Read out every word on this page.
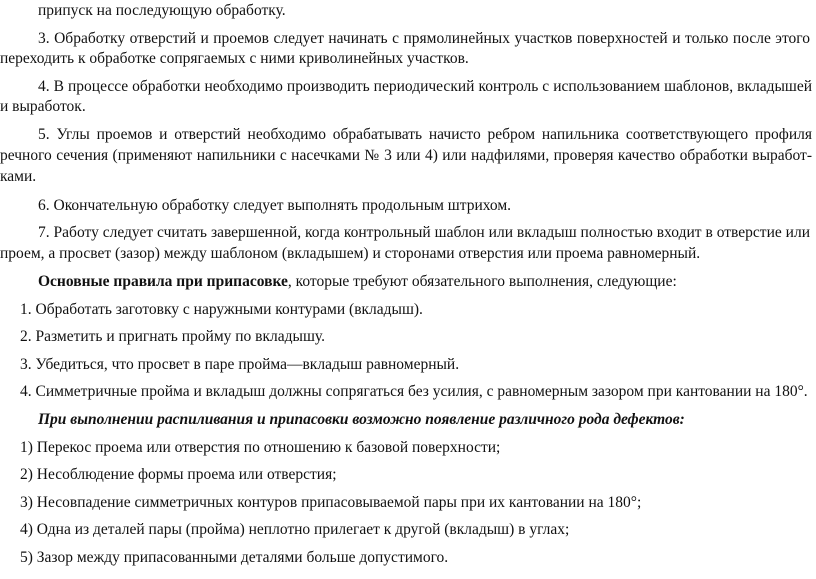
припуск на последующую обработку.
3. Обработку отверстий и проемов следует начинать с прямолинейных участков поверхностей и только после этого
переходить к обработке сопрягаемых с ними криволинейных участков.
4. В процессе обработки необходимо производить периодический контроль с использованием шаблонов, вкладышей
и выработок.
5. Углы проемов и отверстий необходимо обрабатывать начисто ребром напильника соответствующего профиля
речного сечения (применяют напильники с насечками № 3 или 4) или надфилями, проверяя качество обработки выработ-
ками.
6. Окончательную обработку следует выполнять продольным штрихом.
7. Работу следует считать завершенной, когда контрольный шаблон или вкладыш полностью входит в отверстие или
проем, а просвет (зазор) между шаблоном (вкладышем) и сторонами отверстия или проема равномерный.
Основные правила при припасовке, которые требуют обязательного выполнения, следующие:
1. Обработать заготовку с наружными контурами (вкладыш).
2. Разметить и пригнать пройму по вкладышу.
3. Убедиться, что просвет в паре пройма—вкладыш равномерный.
4. Симметричные пройма и вкладыш должны сопрягаться без усилия, с равномерным зазором при кантовании на 180°.
При выполнении распиливания и припасовки возможно появление различного рода дефектов:
1) Перекос проема или отверстия по отношению к базовой поверхности;
2) Несоблюдение формы проема или отверстия;
3) Несовпадение симметричных контуров припасовываемой пары при их кантовании на 180°;
4) Одна из деталей пары (пройма) неплотно прилегает к другой (вкладыш) в углах;
5) Зазор между припасованными деталями больше допустимого.
